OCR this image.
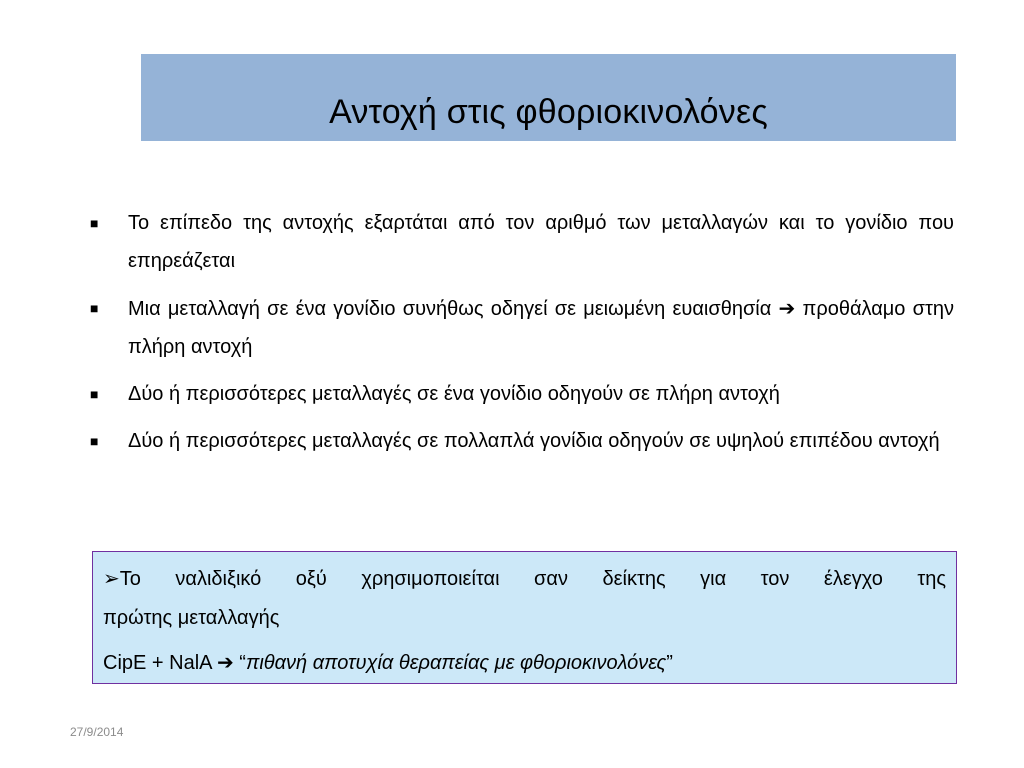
Αντοχή στις φθοριοκινολόνες
■ Το επίπεδο της αντοχής εξαρτάται από τον αριθμό των μεταλλαγών και το γονίδιο που επηρεάζεται
■ Μια μεταλλαγή σε ένα γονίδιο συνήθως οδηγεί σε μειωμένη ευαισθησία ➔ προθάλαμο στην πλήρη αντοχή
■ Δύο ή περισσότερες μεταλλαγές σε ένα γονίδιο οδηγούν σε πλήρη αντοχή
■ Δύο ή περισσότερες μεταλλαγές σε πολλαπλά γονίδια οδηγούν σε υψηλού επιπέδου αντοχή
➢Το ναλιδιξικό οξύ χρησιμοποιείται σαν δείκτης για τον έλεγχο της
πρώτης μεταλλαγής
CipE + NalA ➔ “πιθανή αποτυχία θεραπείας με φθοριοκινολόνες”
27/9/2014
